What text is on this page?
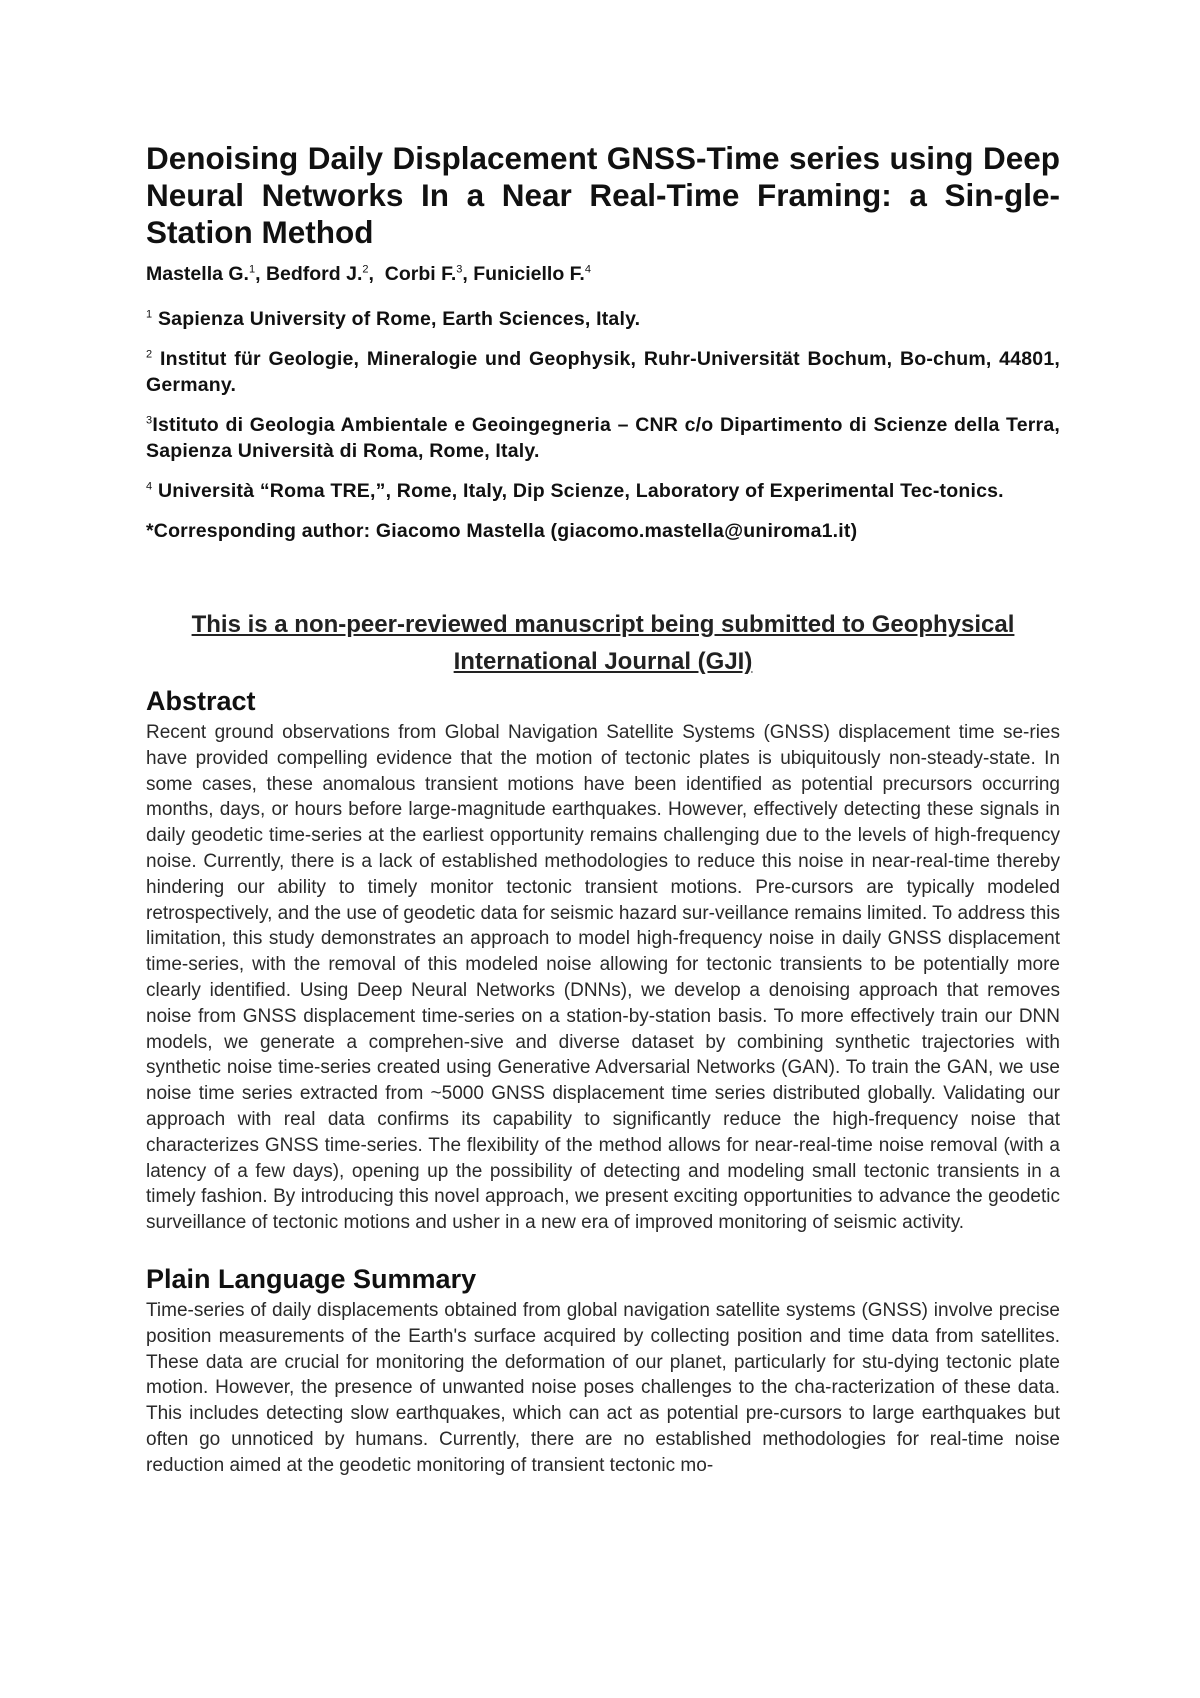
Denoising Daily Displacement GNSS-Time series using Deep Neural Networks In a Near Real-Time Framing: a Sin-gle-Station Method
Mastella G.$^1$, Bedford J.$^2$,  Corbi F.$^3$, Funiciello F.$^4$
$^1$ Sapienza University of Rome, Earth Sciences, Italy.
$^2$ Institut für Geologie, Mineralogie und Geophysik, Ruhr-Universität Bochum, Bo-chum, 44801, Germany.
$^3$Istituto di Geologia Ambientale e Geoingegneria – CNR c/o Dipartimento di Scienze della Terra, Sapienza Università di Roma, Rome, Italy.
$^4$ Università “Roma TRE,”, Rome, Italy, Dip Scienze, Laboratory of Experimental Tec-tonics.
*Corresponding author: Giacomo Mastella (giacomo.mastella@uniroma1.it)
This is a non-peer-reviewed manuscript being submitted to Geophysical International Journal (GJI)
Abstract

Recent ground observations from Global Navigation Satellite Systems (GNSS) displacement time se-ries have provided compelling evidence that the motion of tectonic plates is ubiquitously non-steady-state. In some cases, these anomalous transient motions have been identified as potential precursors occurring months, days, or hours before large-magnitude earthquakes. However, effectively detecting these signals in daily geodetic time-series at the earliest opportunity remains challenging due to the levels of high-frequency noise. Currently, there is a lack of established methodologies to reduce this noise in near-real-time thereby hindering our ability to timely monitor tectonic transient motions. Pre-cursors are typically modeled retrospectively, and the use of geodetic data for seismic hazard sur-veillance remains limited. To address this limitation, this study demonstrates an approach to model high-frequency noise in daily GNSS displacement time-series, with the removal of this modeled noise allowing for tectonic transients to be potentially more clearly identified. Using Deep Neural Networks (DNNs), we develop a denoising approach that removes noise from GNSS displacement time-series on a station-by-station basis. To more effectively train our DNN models, we generate a comprehen-sive and diverse dataset by combining synthetic trajectories with synthetic noise time-series created using Generative Adversarial Networks (GAN). To train the GAN, we use noise time series extracted from ~5000 GNSS displacement time series distributed globally. Validating our approach with real data confirms its capability to significantly reduce the high-frequency noise that characterizes GNSS time-series. The flexibility of the method allows for near-real-time noise removal (with a latency of a few days), opening up the possibility of detecting and modeling small tectonic transients in a timely fashion. By introducing this novel approach, we present exciting opportunities to advance the geodetic surveillance of tectonic motions and usher in a new era of improved monitoring of seismic activity.

Plain Language Summary

Time-series of daily displacements obtained from global navigation satellite systems (GNSS) involve precise position measurements of the Earth's surface acquired by collecting position and time data from satellites. These data are crucial for monitoring the deformation of our planet, particularly for stu-dying tectonic plate motion. However, the presence of unwanted noise poses challenges to the cha-racterization of these data. This includes detecting slow earthquakes, which can act as potential pre-cursors to large earthquakes but often go unnoticed by humans. Currently, there are no established methodologies for real-time noise reduction aimed at the geodetic monitoring of transient tectonic mo-
